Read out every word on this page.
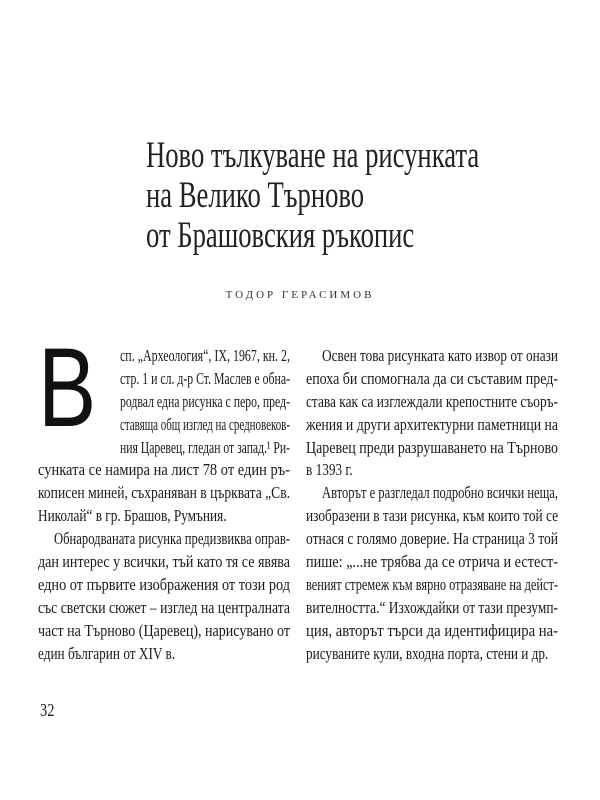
Ново тълкуване на рисунката
на Велико Търново
от Брашовския ръкопис
ТОДОР ГЕРАСИМОВ
В	сп. „Археология“, IX, 1967, кн. 2,
стр. 1 и сл. д-р Ст. Маслев е обна-
родвал една рисунка с перо, пред-
ставяща общ изглед на средновеков-
ния Царевец, гледан от запад.¹ Ри-
сунката се намира на лист 78 от един ръ-
кописен миней, съхраняван в църквата „Св.
Николай“ в гр. Брашов, Румъния.
Обнародваната рисунка предизвиква оправ-
дан интерес у всички, тъй като тя се явява
едно от първите изображения от този род
със светски сюжет – изглед на централната
част на Търново (Царевец), нарисувано от
един българин от XIV в.
Освен това рисунката като извор от онази
епоха би спомогнала да си съставим пред-
става как са изглеждали крепостните съоръ-
жения и други архитектурни паметници на
Царевец преди разрушаването на Търново
в 1393 г.
Авторът е разгледал подробно всички неща,
изобразени в тази рисунка, към които той се
отнася с голямо доверие. На страница 3 той
пише: „...не трябва да се отрича и естест-
веният стремеж към вярно отразяване на дейст-
вителността.“ Изхождайки от тази презумп-
ция, авторът търси да идентифицира на-
рисуваните кули, входна порта, стени и др.
32
